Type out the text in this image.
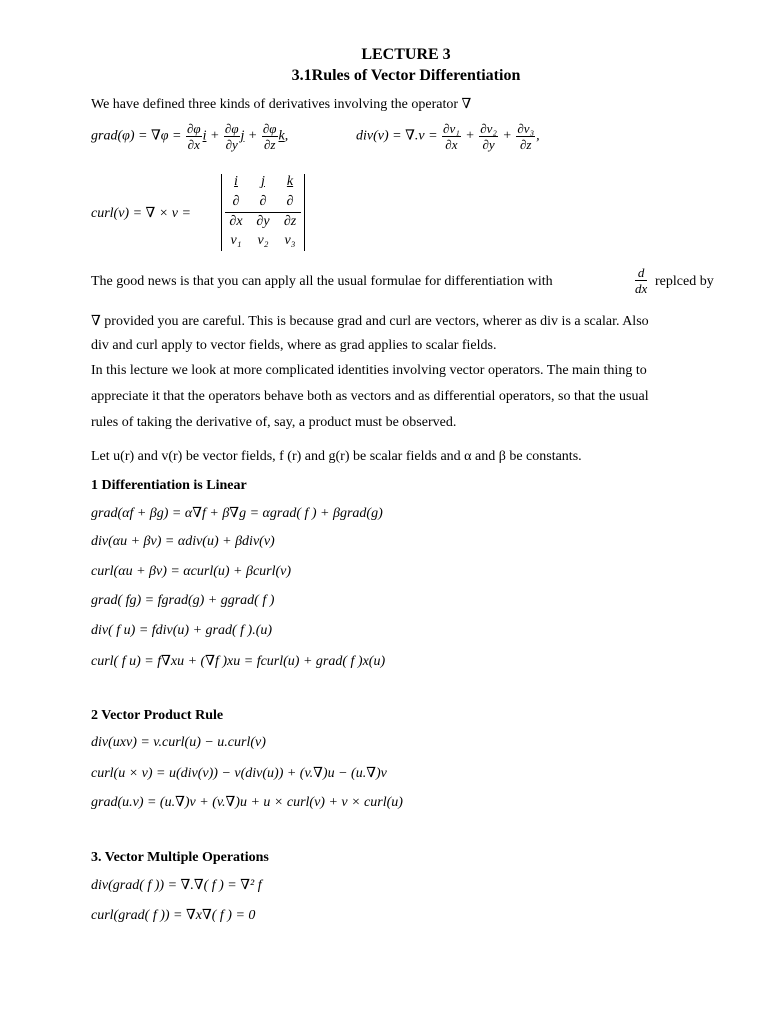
LECTURE 3
3.1Rules of Vector Differentiation
We have defined three kinds of derivatives involving the operator ∇
grad(φ) = $\nabla\varphi = \frac{\partial\varphi}{\partial x}$ $i + \frac{\partial\varphi}{\partial y}$ $j + \frac{\partial\varphi}{\partial z} k$,	$div(v) = \nabla.v = \frac{\text{∂v₁}}{\partial x} + \frac{\text{∂v₂}}{\partial y} + \frac{\text{∂v₃}}{\partial z}$ ,
curl(v) = ∇ × v =
i	j	k
∂	∂	∂
∂x ∂y	∂z
v₁	v₂	v₃
The good news is that you can apply all the usual formulae for differentiation with	$\frac{d}{dx}$ replced by
∇ provided you are careful. This is because grad and curl are vectors, wherer as div is a scalar. Also
div and curl apply to vector fields, where as grad applies to scalar fields.
In this lecture we look at more complicated identities involving vector operators. The main thing to
appreciate it that the operators behave both as vectors and as differential operators, so that the usual
rules of taking the derivative of, say, a product must be observed.
Let u(r) and v(r) be vector fields, f (r) and g(r) be scalar fields and α and β be constants.
1 Differentiation is Linear
grad(αf + βg) = α∇f + β∇g = αgrad( f ) + βgrad(g)
div(αu + βv) = αdiv(u) + βdiv(v)
curl(αu + βv) = αcurl(u) + βcurl(v)
grad( fg) = fgrad(g) + ggrad( f )
div( f u) = fdiv(u) + grad( f ).(u)
curl( f u) = f∇xu + (∇f )xu = fcurl(u) + grad( f )x(u)
2 Vector Product Rule
div(uxv) = v.curl(u) − u.curl(v)
curl(u × v) = u(div(v)) − v(div(u)) + (v.∇)u − (u.∇)v
grad(u.v) = (u.∇)v + (v.∇)u + u × curl(v) + v × curl(u)
3. Vector Multiple Operations
div(grad( f )) = ∇.∇( f ) = ∇² f
curl(grad( f )) = ∇x∇( f ) = 0
